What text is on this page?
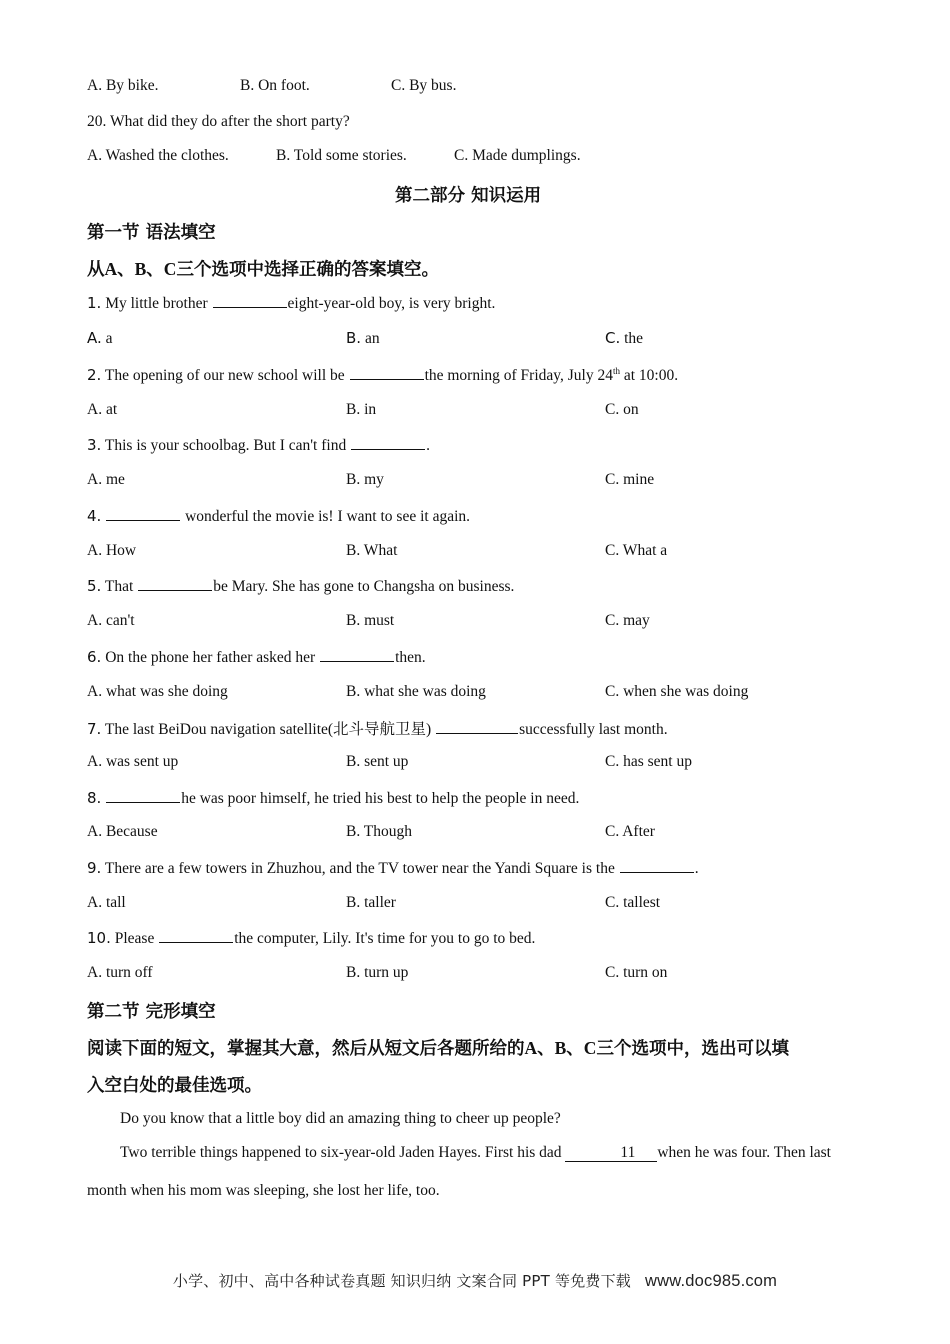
A. By bike.	B. On foot.	C. By bus.
20. What did they do after the short party?
A. Washed the clothes.	B. Told some stories.	C. Made dumplings.
第二部分 知识运用
第一节 语法填空
从A、B、C三个选项中选择正确的答案填空。
1. My little brother	eight-year-old boy, is very bright.
A. a	B. an	C. the
2. The opening of our new school will be	the morning of Friday, July 24th at 10:00.
A. at	B. in	C. on
3. This is your schoolbag. But I can't find	.
A. me	B. my	C. mine
4.	wonderful the movie is! I want to see it again.
A. How	B. What	C. What a
5. That	be Mary. She has gone to Changsha on business.
A. can't	B. must	C. may
6. On the phone her father asked her	then.
A. what was she doing	B. what she was doing	C. when she was doing
7. The last BeiDou navigation satellite(北斗导航卫星)	successfully last month.
A. was sent up	B. sent up	C. has sent up
8.	he was poor himself, he tried his best to help the people in need.
A. Because	B. Though	C. After
9. There are a few towers in Zhuzhou, and the TV tower near the Yandi Square is the	.
A. tall	B. taller	C. tallest
10. Please	the computer, Lily. It's time for you to go to bed.
A. turn off	B. turn up	C. turn on
第二节 完形填空
阅读下面的短文，掌握其大意，然后从短文后各题所给的A、B、C三个选项中，选出可以填
入空白处的最佳选项。
Do you know that a little boy did an amazing thing to cheer up people?
Two terrible things happened to six-year-old Jaden Hayes. First his dad	11 when he was four. Then last month when his mom was sleeping, she lost her life, too.
小学、初中、高中各种试卷真题 知识归纳 文案合同 PPT 等免费下载 www.doc985.com
